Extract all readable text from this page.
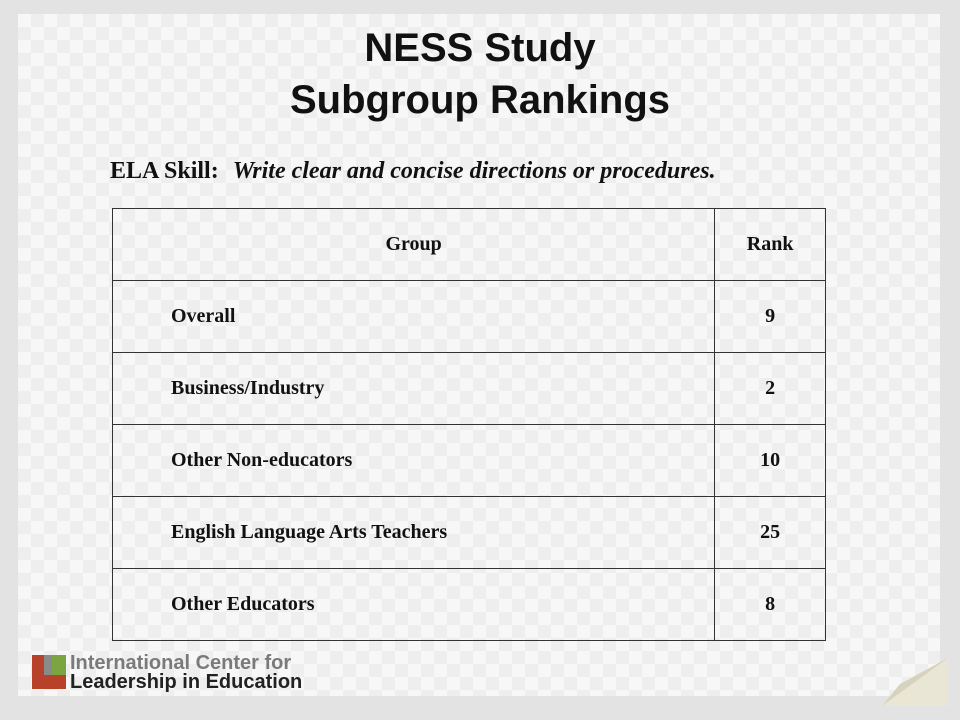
NESS Study
Subgroup Rankings
ELA Skill: Write clear and concise directions or procedures.
Group	Rank
Overall	9
Business/Industry	2
Other Non-educators	10
English Language Arts Teachers	25
Other Educators	8
International Center for
Leadership in Education
